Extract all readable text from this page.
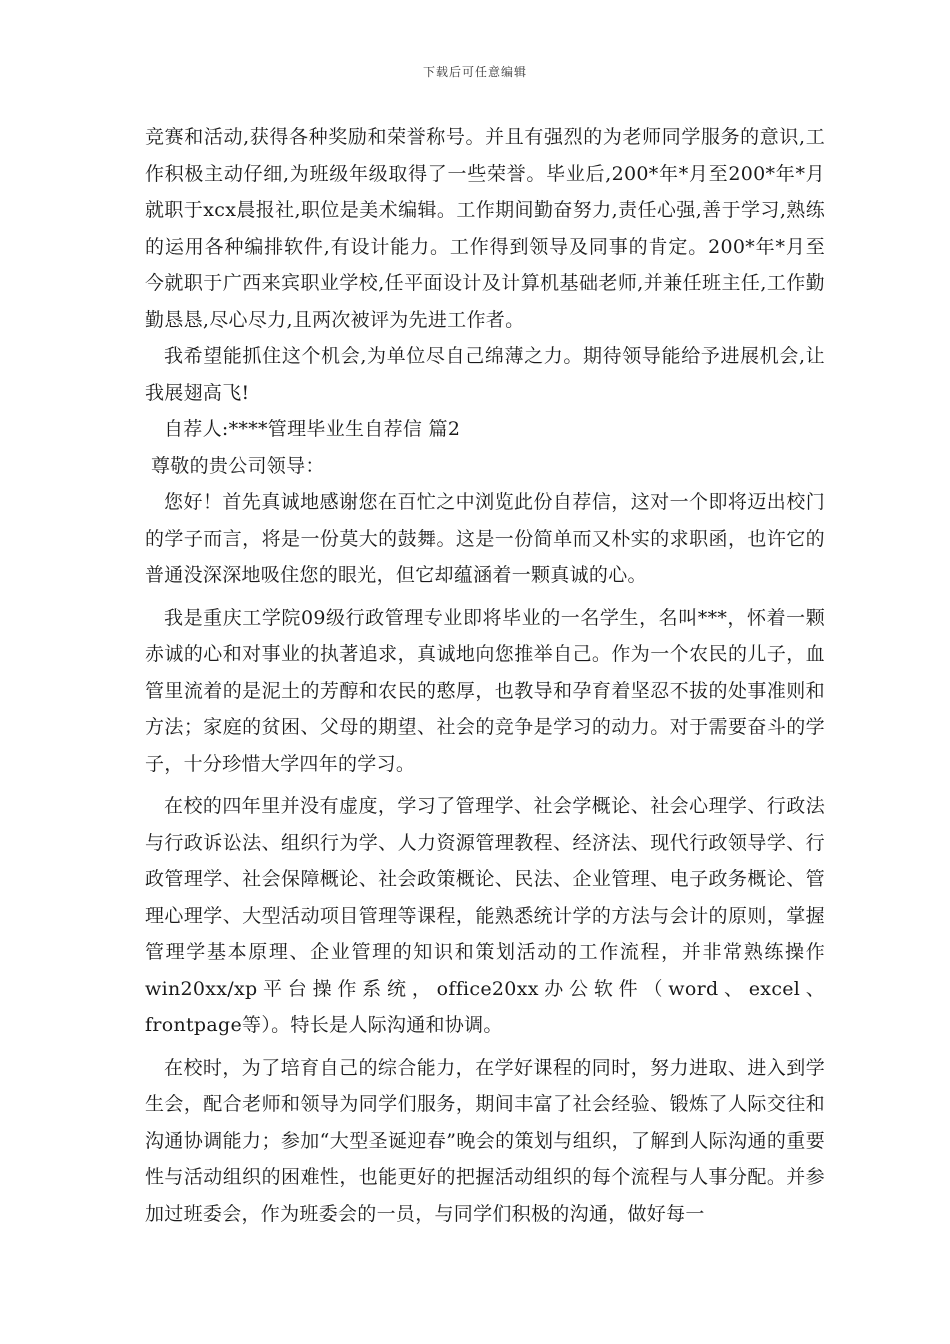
下载后可任意编辑

竞赛和活动,获得各种奖励和荣誉称号。并且有强烈的为老师同学服务的意识,工作积极主动仔细,为班级年级取得了一些荣誉。毕业后,200*年*月至200*年*月就职于xcx晨报社,职位是美术编辑。工作期间勤奋努力,责任心强,善于学习,熟练的运用各种编排软件,有设计能力。工作得到领导及同事的肯定。200*年*月至今就职于广西来宾职业学校,任平面设计及计算机基础老师,并兼任班主任,工作勤勤恳恳,尽心尽力,且两次被评为先进工作者。

我希望能抓住这个机会,为单位尽自己绵薄之力。期待领导能给予进展机会,让我展翅高飞!

自荐人:****管理毕业生自荐信 篇2

尊敬的贵公司领导：

您好！首先真诚地感谢您在百忙之中浏览此份自荐信，这对一个即将迈出校门的学子而言，将是一份莫大的鼓舞。这是一份简单而又朴实的求职函，也许它的普通没深深地吸住您的眼光，但它却蕴涵着一颗真诚的心。

我是重庆工学院09级行政管理专业即将毕业的一名学生，名叫***，怀着一颗赤诚的心和对事业的执著追求，真诚地向您推举自己。作为一个农民的儿子，血管里流着的是泥土的芳醇和农民的憨厚，也教导和孕育着坚忍不拔的处事准则和方法；家庭的贫困、父母的期望、社会的竞争是学习的动力。对于需要奋斗的学子，十分珍惜大学四年的学习。

在校的四年里并没有虚度，学习了管理学、社会学概论、社会心理学、行政法与行政诉讼法、组织行为学、人力资源管理教程、经济法、现代行政领导学、行政管理学、社会保障概论、社会政策概论、民法、企业管理、电子政务概论、管理心理学、大型活动项目管理等课程，能熟悉统计学的方法与会计的原则，掌握管理学基本原理、企业管理的知识和策划活动的工作流程，并非常熟练操作win20xx/xp平台操作系统，office20xx办公软件（word、excel、frontpage等）。特长是人际沟通和协调。

在校时，为了培育自己的综合能力，在学好课程的同时，努力进取、进入到学生会，配合老师和领导为同学们服务，期间丰富了社会经验、锻炼了人际交往和沟通协调能力；参加“大型圣诞迎春”晚会的策划与组织，了解到人际沟通的重要性与活动组织的困难性，也能更好的把握活动组织的每个流程与人事分配。并参加过班委会，作为班委会的一员，与同学们积极的沟通，做好每一
